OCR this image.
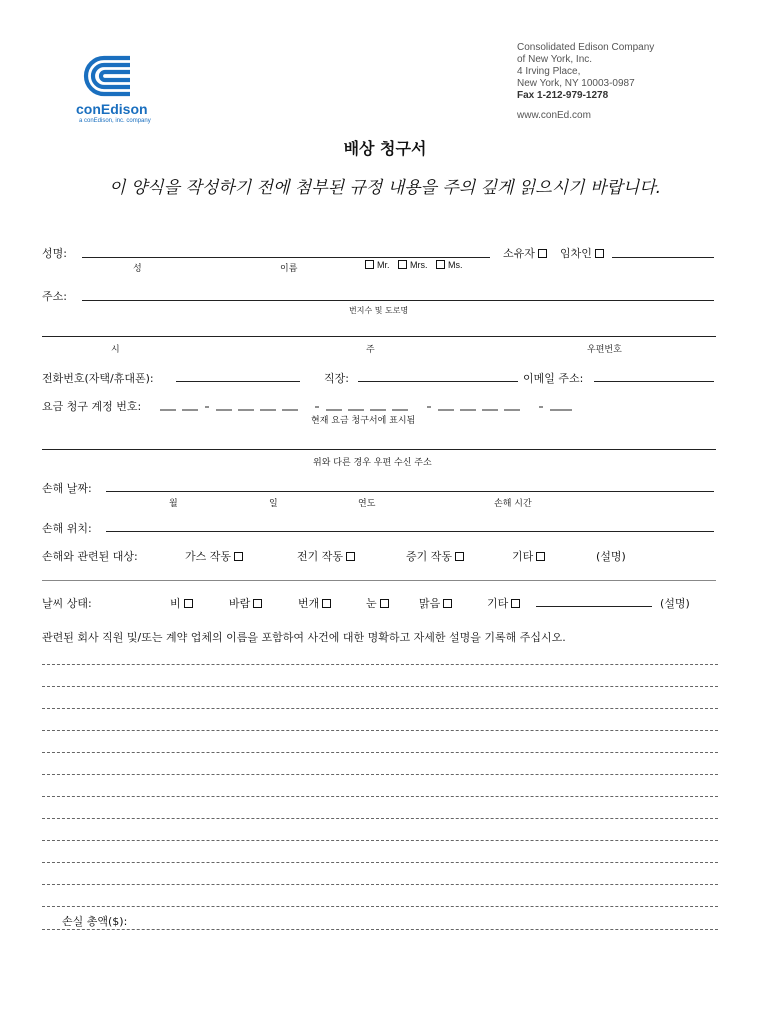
conEdison
a conEdison, inc. company
Consolidated Edison Company
of New York, Inc.
4 Irving Place,
New York, NY 10003-0987
Fax 1-212-979-1278
www.conEd.com
배상 청구서
이 양식을 작성하기 전에 첨부된 규정 내용을 주의 깊게 읽으시기 바랍니다.
성명:	소유자	임차인
성	이름	Mr. Mrs. Ms.
주소:
번지수 및 도로명
시	주	우편번호
전화번호(자택/휴대폰):	직장:	이메일 주소:
요금 청구 계정 번호:
현재 요금 청구서에 표시됨
위와 다른 경우 우편 수신 주소
손해 날짜:
월	일	연도	손해 시간
손해 위치:
손해와 관련된 대상:	가스 작동	전기 작동	증기 작동	기타	(설명)
날씨 상태:	비	바람	번개	눈	맑음	기타	(설명)
관련된 회사 직원 및/또는 계약 업체의 이름을 포함하여 사건에 대한 명확하고 자세한 설명을 기록해 주십시오.
손실 총액($):
